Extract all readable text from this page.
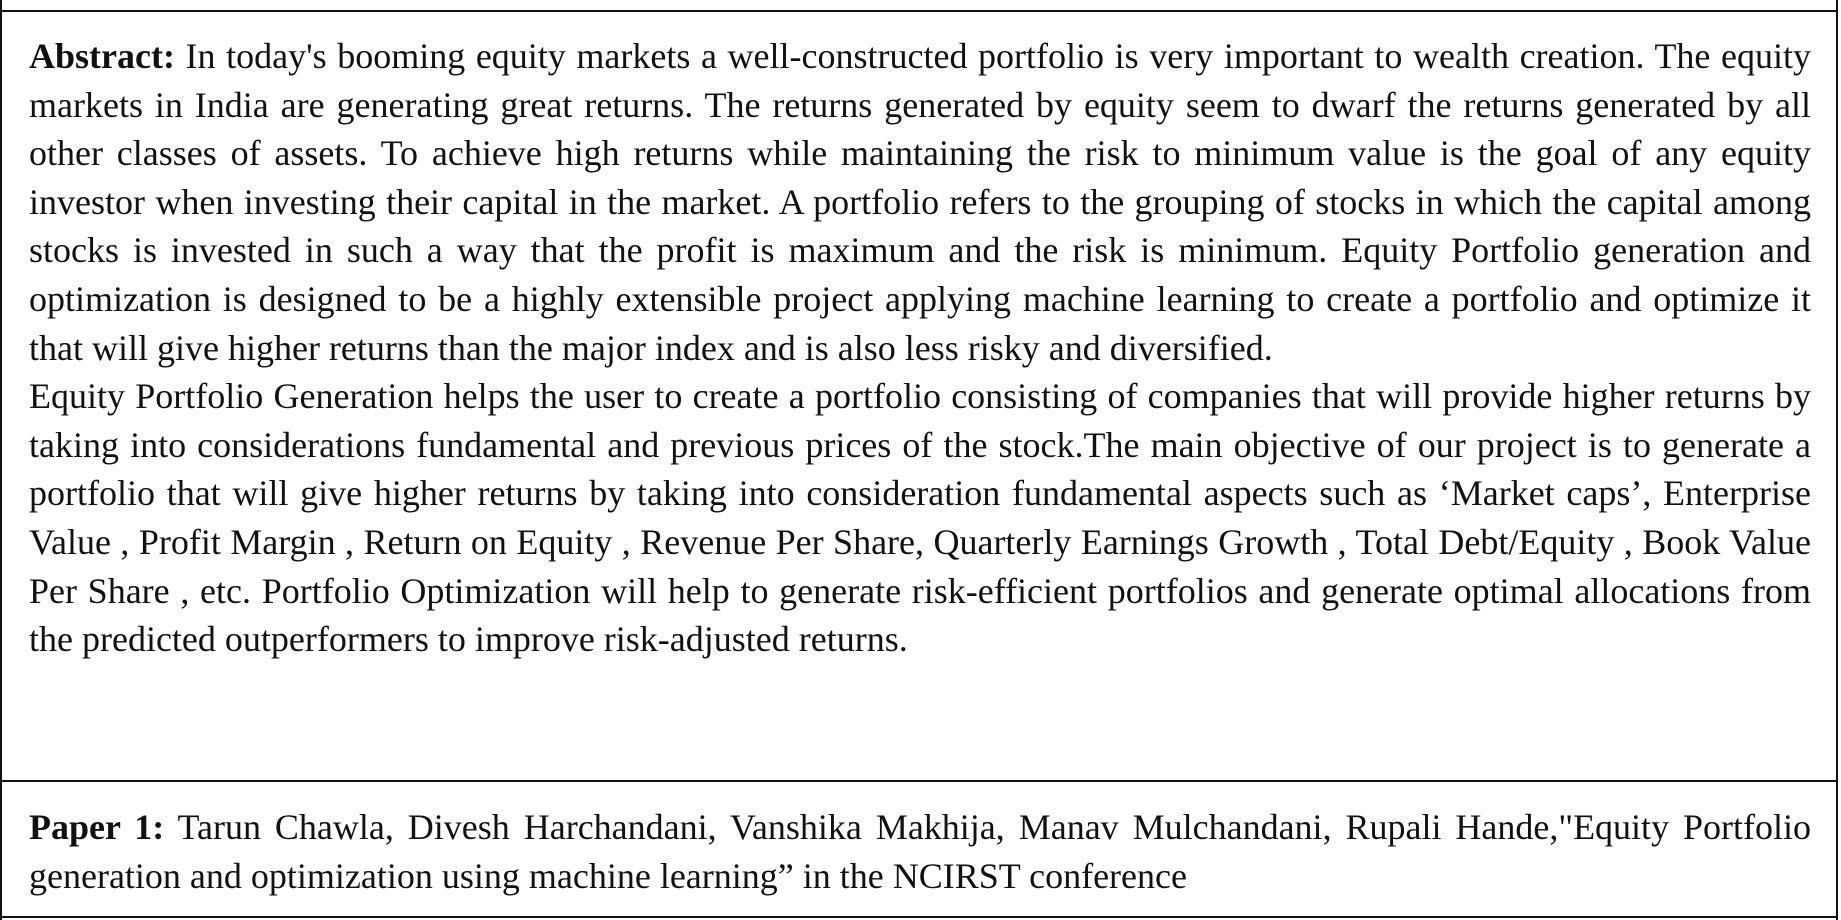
Abstract: In today's booming equity markets a well-constructed portfolio is very important to wealth creation. The equity markets in India are generating great returns. The returns generated by equity seem to dwarf the returns generated by all other classes of assets. To achieve high returns while maintaining the risk to minimum value is the goal of any equity investor when investing their capital in the market. A portfolio refers to the grouping of stocks in which the capital among stocks is invested in such a way that the profit is maximum and the risk is minimum. Equity Portfolio generation and optimization is designed to be a highly extensible project applying machine learning to create a portfolio and optimize it that will give higher returns than the major index and is also less risky and diversified.

Equity Portfolio Generation helps the user to create a portfolio consisting of companies that will provide higher returns by taking into considerations fundamental and previous prices of the stock.The main objective of our project is to generate a portfolio that will give higher returns by taking into consideration fundamental aspects such as ‘Market caps’, Enterprise Value , Profit Margin , Return on Equity , Revenue Per Share, Quarterly Earnings Growth , Total Debt/Equity , Book Value Per Share , etc. Portfolio Optimization will help to generate risk-efficient portfolios and generate optimal allocations from the predicted outperformers to improve risk-adjusted returns.

Paper 1: Tarun Chawla, Divesh Harchandani, Vanshika Makhija, Manav Mulchandani, Rupali Hande,"Equity Portfolio generation and optimization using machine learning” in the NCIRST conference
